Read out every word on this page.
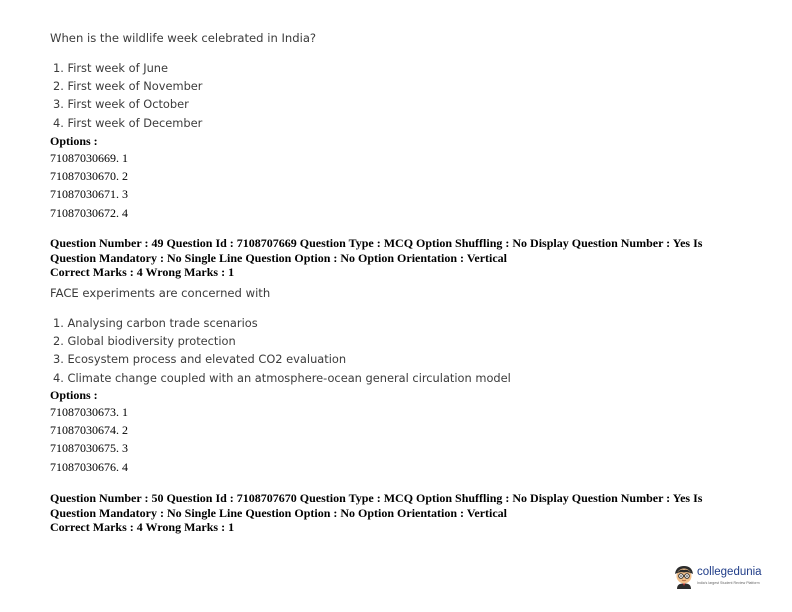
When is the wildlife week celebrated in India?
1. First week of June
2. First week of November
3. First week of October
4. First week of December
Options :
71087030669. 1
71087030670. 2
71087030671. 3
71087030672. 4

Question Number : 49 Question Id : 7108707669 Question Type : MCQ Option Shuffling : No Display Question Number : Yes Is

Question Mandatory : No Single Line Question Option : No Option Orientation : Vertical

Correct Marks : 4 Wrong Marks : 1

FACE experiments are concerned with
1. Analysing carbon trade scenarios
2. Global biodiversity protection
3. Ecosystem process and elevated CO2 evaluation
4. Climate change coupled with an atmosphere-ocean general circulation model
Options :
71087030673. 1
71087030674. 2
71087030675. 3
71087030676. 4

Question Number : 50 Question Id : 7108707670 Question Type : MCQ Option Shuffling : No Display Question Number : Yes Is

Question Mandatory : No Single Line Question Option : No Option Orientation : Vertical

Correct Marks : 4 Wrong Marks : 1

collegedunia
India's largest Student Review Platform
